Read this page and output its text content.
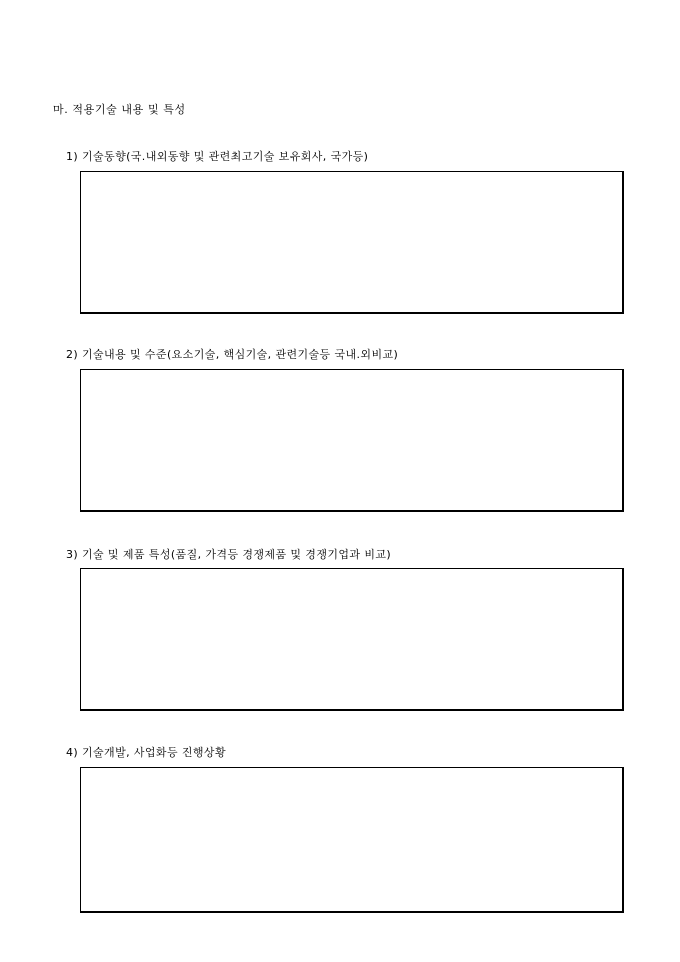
마. 적용기술 내용 및 특성
1) 기술동향(국.내외동향 및 관련최고기술 보유회사, 국가등)
2) 기술내용 및 수준(요소기술, 핵심기술, 관련기술등 국내.외비교)
3) 기술 및 제품 특성(품질, 가격등 경쟁제품 및 경쟁기업과 비교)
4) 기술개발, 사업화등 진행상황
